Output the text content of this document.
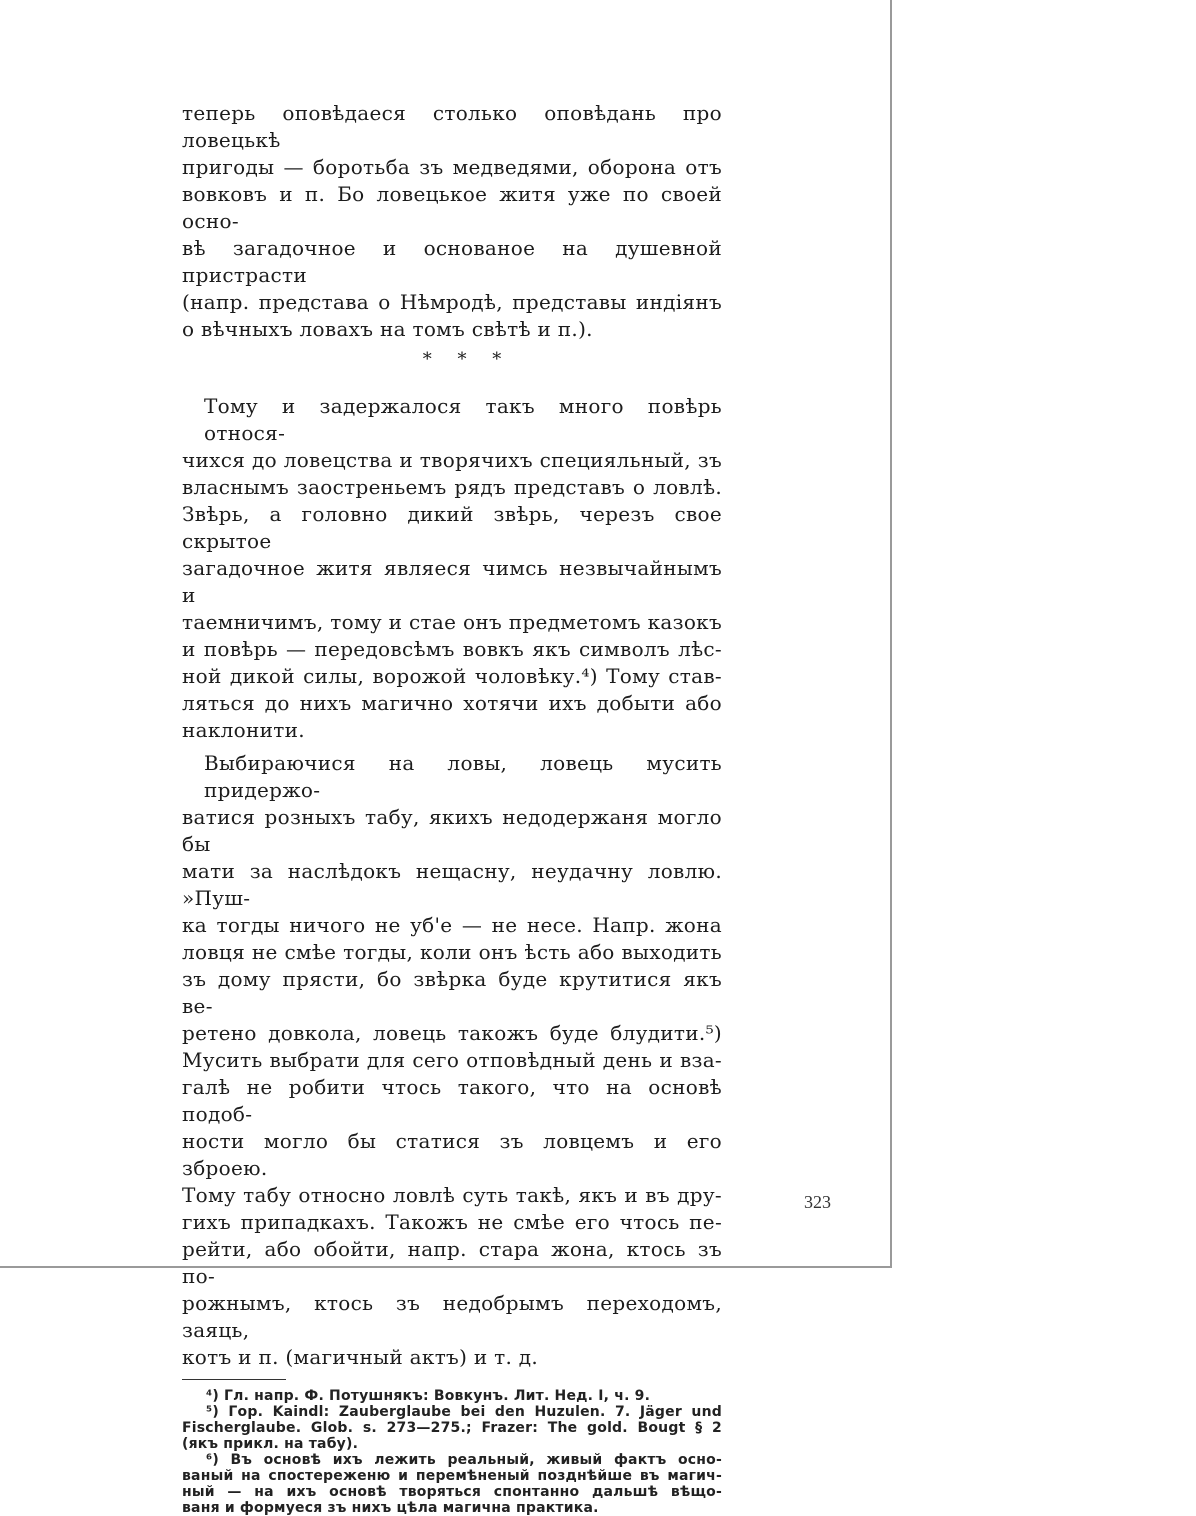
теперь оповѣдаеся столько оповѣдань про ловецькѣ
пригоды — боротьба зъ медведями, оборона отъ
вовковъ и п. Бо ловецькое житя уже по своей осно-
вѣ загадочное и основаное на душевной пристрасти
(напр. представа о Нѣмродѣ, представы индіянъ
о вѣчныхъ ловахъ на томъ свѣтѣ и п.).
* * *
Тому и задержалося такъ много повѣрь относя-
чихся до ловецства и творячихъ специяльный, зъ
власнымъ заостреньемъ рядъ представъ о ловлѣ.
Звѣрь, а головно дикий звѣрь, черезъ свое скрытое
загадочное житя являеся чимсь незвычайнымъ и
таемничимъ, тому и стае онъ предметомъ казокъ
и повѣрь — передовсѣмъ вовкъ якъ символъ лѣс-
ной дикой силы, ворожой чоловѣку.⁴) Тому став-
ляться до нихъ магично хотячи ихъ добыти або
наклонити.
Выбираючися на ловы, ловець мусить придержо-
ватися розныхъ табу, якихъ недодержаня могло бы
мати за наслѣдокъ нещасну, неудачну ловлю. »Пуш-
ка тогды ничого не уб'е — не несе. Напр. жона
ловця не смѣе тогды, коли онъ ѣсть або выходить
зъ дому прясти, бо звѣрка буде крутитися якъ ве-
ретено довкола, ловець такожъ буде блудити.⁵)
Мусить выбрати для сего отповѣдный день и взa-
галѣ не робити чтось такого, что на основѣ подоб-
ности могло бы статися зъ ловцемъ и его зброею.
Тому табу относно ловлѣ суть такѣ, якъ и въ дру-
гихъ припадкахъ. Такожъ не смѣе его чтось пе-
рейти, або обойти, напр. стара жона, ктось зъ по-
рожнымъ, ктось зъ недобрымъ переходомъ, заяць,
котъ и п. (магичный актъ) и т. д.
⁴) Гл. напр. Ф. Потушнякъ: Вовкунъ. Лит. Нед. I, ч. 9.
⁵) Гор. Kaindl: Zauberglaube bei den Huzulen. 7. Jäger und
Fischerglaube. Glob. s. 273—275.; Frazer: The gold. Bougt § 2
(якъ прикл. на табу).
⁶) Въ основѣ ихъ лежить реальный, живый фактъ осно-
ваный на спостереженю и перемѣненый позднѣйше въ магич-
ный — на ихъ основѣ творяться спонтанно дальшѣ вѣщо-
ваня и формуеся зъ нихъ цѣла магична практика.
323
